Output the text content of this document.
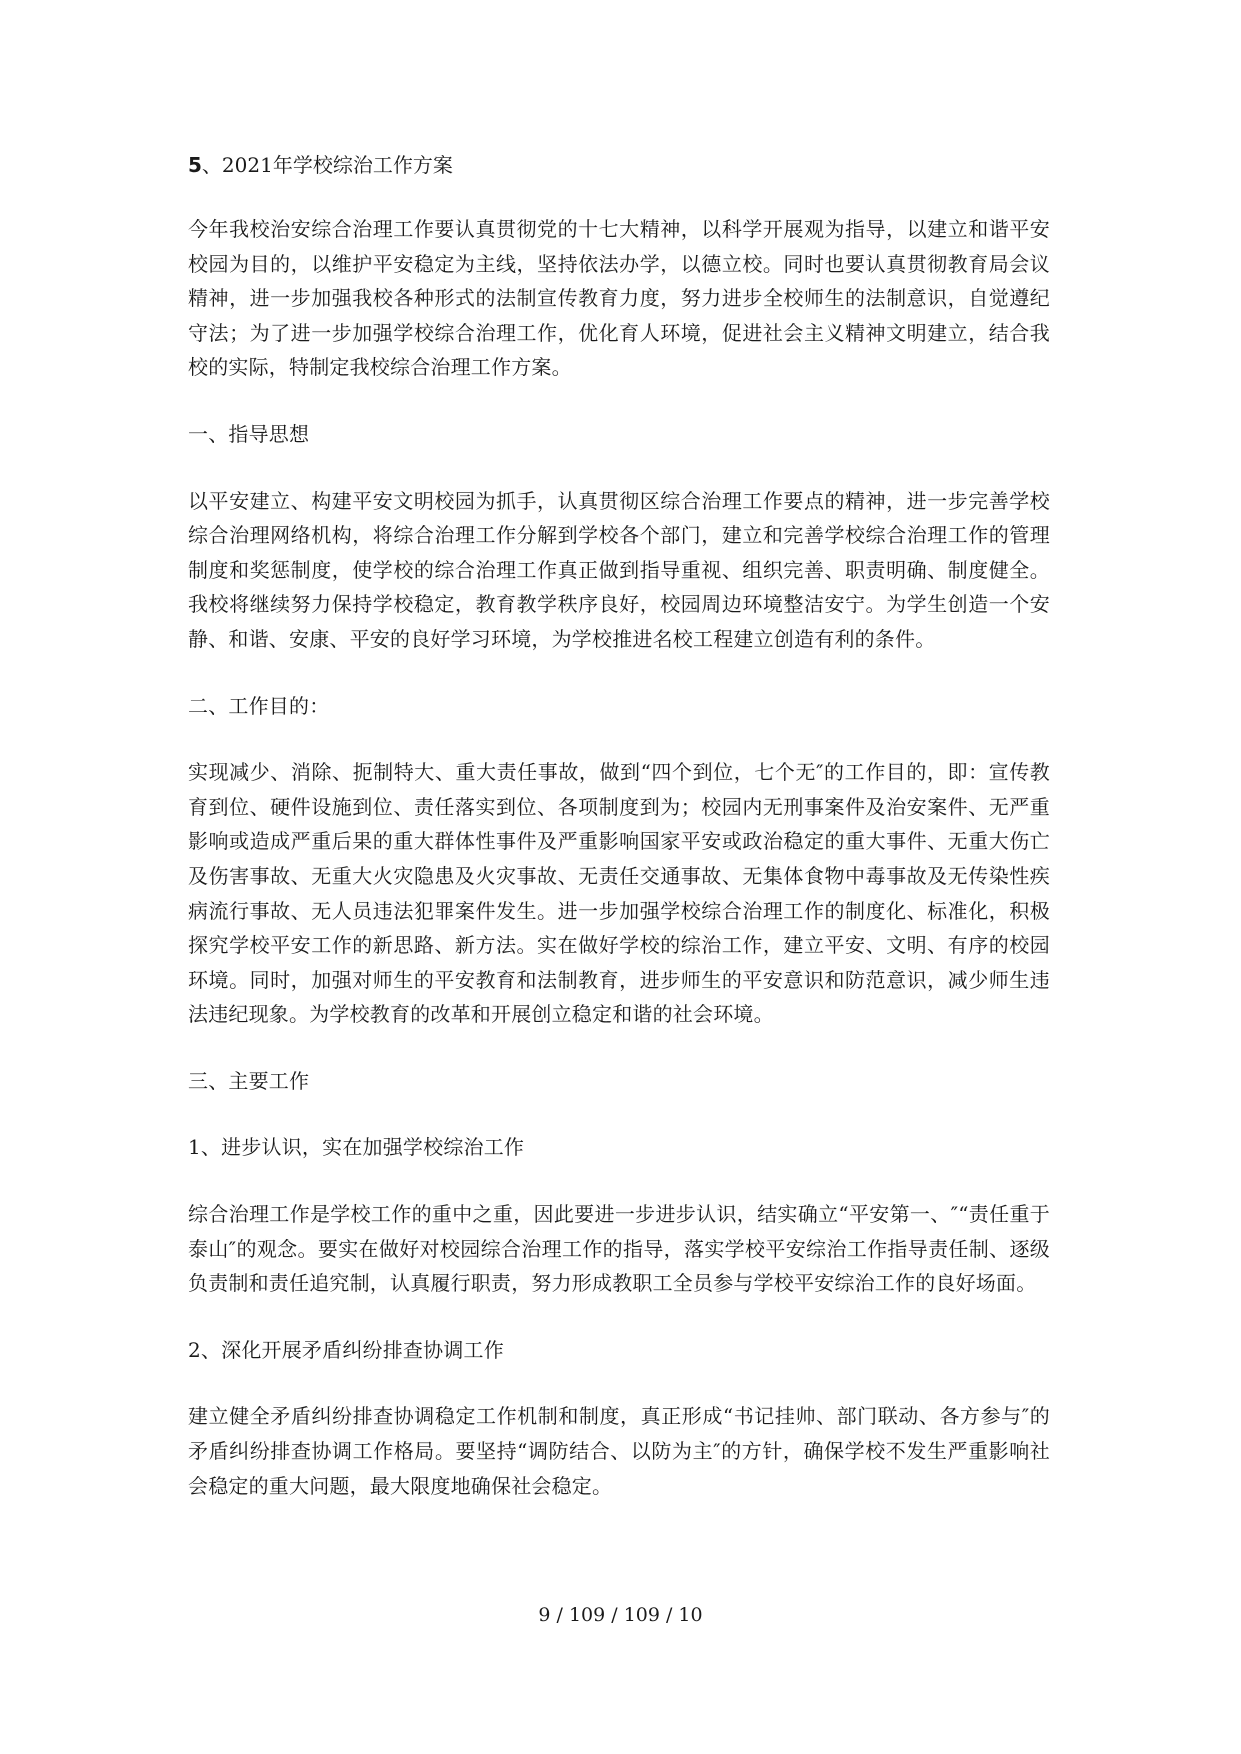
5、2021年学校综治工作方案

今年我校治安综合治理工作要认真贯彻党的十七大精神，以科学开展观为指导，以建立和谐平安校园为目的，以维护平安稳定为主线，坚持依法办学，以德立校。同时也要认真贯彻教育局会议精神，进一步加强我校各种形式的法制宣传教育力度，努力进步全校师生的法制意识，自觉遵纪守法；为了进一步加强学校综合治理工作，优化育人环境，促进社会主义精神文明建立，结合我校的实际，特制定我校综合治理工作方案。

一、指导思想

以平安建立、构建平安文明校园为抓手，认真贯彻区综合治理工作要点的精神，进一步完善学校综合治理网络机构，将综合治理工作分解到学校各个部门，建立和完善学校综合治理工作的管理制度和奖惩制度，使学校的综合治理工作真正做到指导重视、组织完善、职责明确、制度健全。我校将继续努力保持学校稳定，教育教学秩序良好，校园周边环境整洁安宁。为学生创造一个安静、和谐、安康、平安的良好学习环境，为学校推进名校工程建立创造有利的条件。

二、工作目的：

实现减少、消除、扼制特大、重大责任事故，做到“四个到位，七个无″的工作目的，即：宣传教育到位、硬件设施到位、责任落实到位、各项制度到为；校园内无刑事案件及治安案件、无严重影响或造成严重后果的重大群体性事件及严重影响国家平安或政治稳定的重大事件、无重大伤亡及伤害事故、无重大火灾隐患及火灾事故、无责任交通事故、无集体食物中毒事故及无传染性疾病流行事故、无人员违法犯罪案件发生。进一步加强学校综合治理工作的制度化、标准化，积极探究学校平安工作的新思路、新方法。实在做好学校的综治工作，建立平安、文明、有序的校园环境。同时，加强对师生的平安教育和法制教育，进步师生的平安意识和防范意识，减少师生违法违纪现象。为学校教育的改革和开展创立稳定和谐的社会环境。

三、主要工作

1、进步认识，实在加强学校综治工作

综合治理工作是学校工作的重中之重，因此要进一步进步认识，结实确立“平安第一、″“责任重于泰山″的观念。要实在做好对校园综合治理工作的指导，落实学校平安综治工作指导责任制、逐级负责制和责任追究制，认真履行职责，努力形成教职工全员参与学校平安综治工作的良好场面。

2、深化开展矛盾纠纷排查协调工作

建立健全矛盾纠纷排查协调稳定工作机制和制度，真正形成“书记挂帅、部门联动、各方参与″的矛盾纠纷排查协调工作格局。要坚持“调防结合、以防为主″的方针，确保学校不发生严重影响社会稳定的重大问题，最大限度地确保社会稳定。

9 / 109 / 109 / 10
